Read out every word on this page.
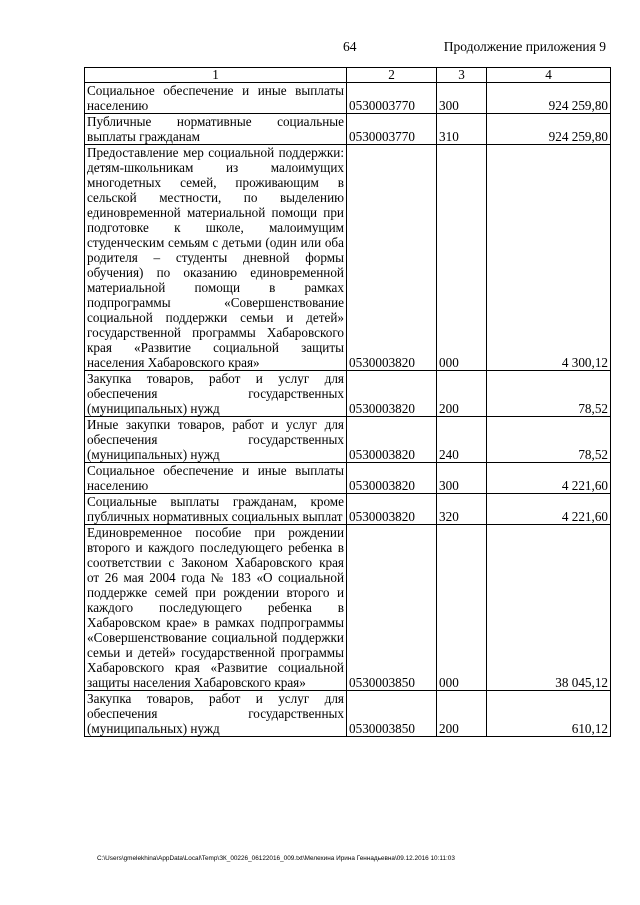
64	Продолжение приложения 9
1	2	3	4
Социальное обеспечение и иные выплаты населению	0530003770	300	924 259,80
Публичные нормативные социальные выплаты гражданам	0530003770	310	924 259,80
Предоставление мер социальной поддержки: детям-школьникам из малоимущих многодетных семей, проживающим в сельской местности, по выделению единовременной материальной помощи при подготовке к школе, малоимущим студенческим семьям с детьми (один или оба родителя – студенты дневной формы обучения) по оказанию единовременной материальной помощи в рамках подпрограммы «Совершенствование социальной поддержки семьи и детей» государственной программы Хабаровского края «Развитие социальной защиты населения Хабаровского края»	0530003820	000	4 300,12
Закупка товаров, работ и услуг для обеспечения государственных (муниципальных) нужд	0530003820	200	78,52
Иные закупки товаров, работ и услуг для обеспечения государственных (муниципальных) нужд	0530003820	240	78,52
Социальное обеспечение и иные выплаты населению	0530003820	300	4 221,60
Социальные выплаты гражданам, кроме публичных нормативных социальных выплат	0530003820	320	4 221,60
Единовременное пособие при рождении второго и каждого последующего ребенка в соответствии с Законом Хабаровского края от 26 мая 2004 года № 183 «О социальной поддержке семей при рождении второго и каждого последующего ребенка в Хабаровском крае» в рамках подпрограммы «Совершенствование социальной поддержки семьи и детей» государственной программы Хабаровского края «Развитие социальной защиты населения Хабаровского края»	0530003850	000	38 045,12
Закупка товаров, работ и услуг для обеспечения государственных (муниципальных) нужд	0530003850	200	610,12
C:\Users\gmelekhina\AppData\Local\Temp\ЗК_00226_06122016_009.txt\Мелехина Ирина Геннадьевна\09.12.2016 10:11:03
